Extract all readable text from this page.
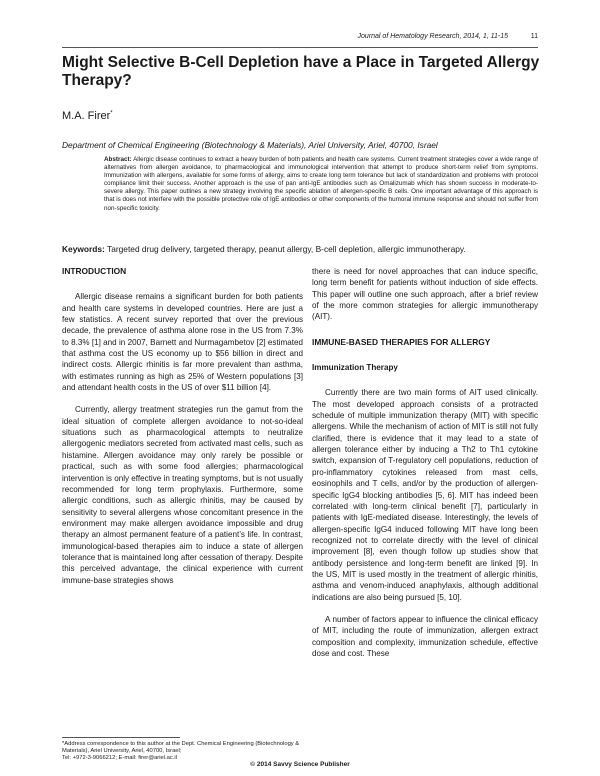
Journal of Hematology Research, 2014, 1, 11-15	11
Might Selective B-Cell Depletion have a Place in Targeted Allergy Therapy?
M.A. Firer*
Department of Chemical Engineering (Biotechnology & Materials), Ariel University, Ariel, 40700, Israel
Abstract: Allergic disease continues to extract a heavy burden of both patients and health care systems. Current treatment strategies cover a wide range of alternatives from allergen avoidance, to pharmacological and immunological intervention that attempt to produce short-term relief from symptoms. Immunization with allergens, available for some forms of allergy, aims to create long term tolerance but lack of standardization and problems with protocol compliance limit their success. Another approach is the use of pan anti-IgE antibodies such as Omalizumab which has shown success in moderate-to-severe allergy. This paper outlines a new strategy involving the specific ablation of allergen-specific B cells. One important advantage of this approach is that is does not interfere with the possible protective role of IgE antibodies or other components of the humoral immune response and should not suffer from non-specific toxicity.
Keywords: Targeted drug delivery, targeted therapy, peanut allergy, B-cell depletion, allergic immunotherapy.

INTRODUCTION

Allergic disease remains a significant burden for both patients and health care systems in developed countries. Here are just a few statistics. A recent survey reported that over the previous decade, the prevalence of asthma alone rose in the US from 7.3% to 8.3% [1] and in 2007, Barnett and Nurmagambetov [2] estimated that asthma cost the US economy up to $56 billion in direct and indirect costs. Allergic rhinitis is far more prevalent than asthma, with estimates running as high as 25% of Western populations [3] and attendant health costs in the US of over $11 billion [4].

Currently, allergy treatment strategies run the gamut from the ideal situation of complete allergen avoidance to not-so-ideal situations such as pharmacological attempts to neutralize allergogenic mediators secreted from activated mast cells, such as histamine. Allergen avoidance may only rarely be possible or practical, such as with some food allergies; pharmacological intervention is only effective in treating symptoms, but is not usually recommended for long term prophylaxis. Furthermore, some allergic conditions, such as allergic rhinitis, may be caused by sensitivity to several allergens whose concomitant presence in the environment may make allergen avoidance impossible and drug therapy an almost permanent feature of a patient’s life. In contrast, immunological-based therapies aim to induce a state of allergen tolerance that is maintained long after cessation of therapy. Despite this perceived advantage, the clinical experience with current immune-base strategies shows

there is need for novel approaches that can induce specific, long term benefit for patients without induction of side effects. This paper will outline one such approach, after a brief review of the more common strategies for allergic immunotherapy (AIT).

IMMUNE-BASED THERAPIES FOR ALLERGY

Immunization Therapy

Currently there are two main forms of AIT used clinically. The most developed approach consists of a protracted schedule of multiple immunization therapy (MIT) with specific allergens. While the mechanism of action of MIT is still not fully clarified, there is evidence that it may lead to a state of allergen tolerance either by inducing a Th2 to Th1 cytokine switch, expansion of T-regulatory cell populations, reduction of pro-inflammatory cytokines released from mast cells, eosinophils and T cells, and/or by the production of allergen-specific IgG4 blocking antibodies [5, 6]. MIT has indeed been correlated with long-term clinical benefit [7], particularly in patients with IgE-mediated disease. Interestingly, the levels of allergen-specific IgG4 induced following MIT have long been recognized not to correlate directly with the level of clinical improvement [8], even though follow up studies show that antibody persistence and long-term benefit are linked [9]. In the US, MIT is used mostly in the treatment of allergic rhinitis, asthma and venom-induced anaphylaxis, although additional indications are also being pursued [5, 10].

A number of factors appear to influence the clinical efficacy of MIT, including the route of immunization, allergen extract composition and complexity, immunization schedule, effective dose and cost. These

*Address correspondence to this author at the Dept. Chemical Engineering (Biotechnology & Materials), Ariel University, Ariel, 40700, Israel;
Tel: +972-3-9066212; E-mail: firer@ariel.ac.il
© 2014 Savvy Science Publisher
